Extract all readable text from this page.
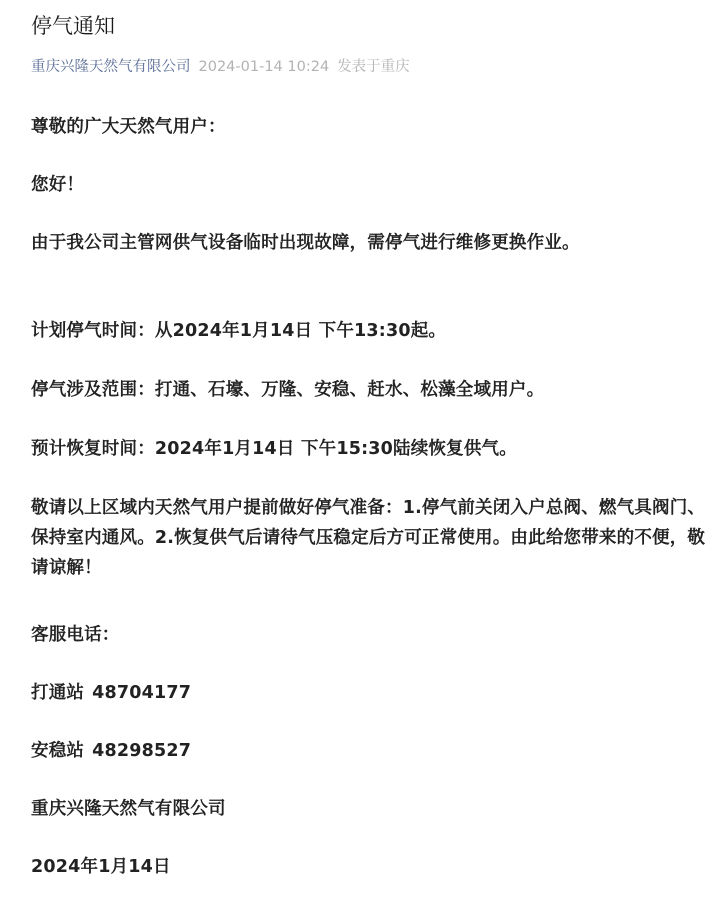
停气通知
重庆兴隆天然气有限公司 2024-01-14 10:24 发表于重庆

尊敬的广大天然气用户：

您好！

由于我公司主管网供气设备临时出现故障，需停气进行维修更换作业。

计划停气时间：从2024年1月14日 下午13:30起。

停气涉及范围：打通、石壕、万隆、安稳、赶水、松藻全域用户。

预计恢复时间：2024年1月14日 下午15:30陆续恢复供气。

敬请以上区域内天然气用户提前做好停气准备：1.停气前关闭入户总阀、燃气具阀门、保持室内通风。2.恢复供气后请待气压稳定后方可正常使用。由此给您带来的不便，敬请谅解！

客服电话：

打通站 48704177

安稳站 48298527

重庆兴隆天然气有限公司

2024年1月14日
